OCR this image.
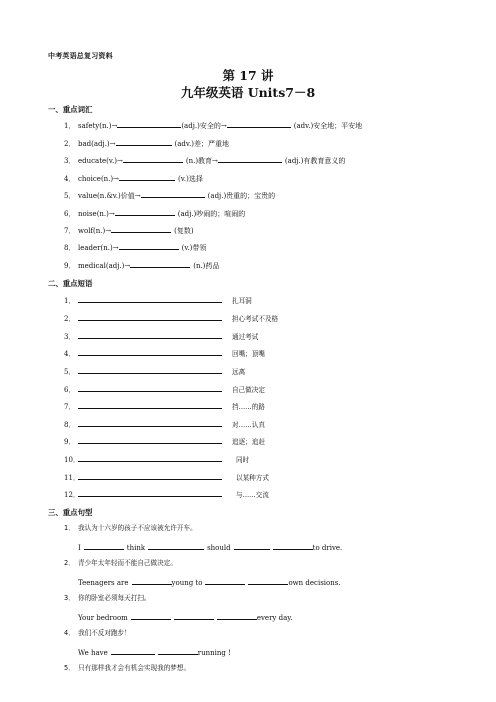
中考英语总复习资料
第 17 讲
九年级英语 Units7－8
一、重点词汇
1． safety(n.)→	(adj.)安全的→	(adv.)安全地；平安地
2． bad(adj.)→	(adv.)差；严重地
3． educate(v.)→	(n.)教育→	(adj.)有教育意义的
4． choice(n.)→	(v.)选择
5． value(n.&v.)价值→	(adj.)贵重的；宝贵的
6． noise(n.)→	(adj.)吵闹的；喧闹的
7． wolf(n.)→	(复数)
8． leader(n.)→	(v.)带领
9． medical(adj.)→	(n.)药品
二、重点短语
1．	扎耳洞
2．	担心考试不及格
3．	通过考试
4．	回嘴；顶嘴
5．	远离
6．	自己做决定
7．	挡……的路
8．	对……认真
9．	追逐；追赶
10．	同时
11．	以某种方式
12．	与……交流
三、重点句型
1． 我认为十六岁的孩子不应该被允许开车。
I	think	should	to drive.
2． 青少年太年轻而不能自己做决定。
Teenagers are	young to	own decisions.
3． 你的卧室必须每天打扫。
Your bedroom	every day.
4． 我们不反对跑步！
We have	running !
5． 只有那样我才会有机会实现我的梦想。
